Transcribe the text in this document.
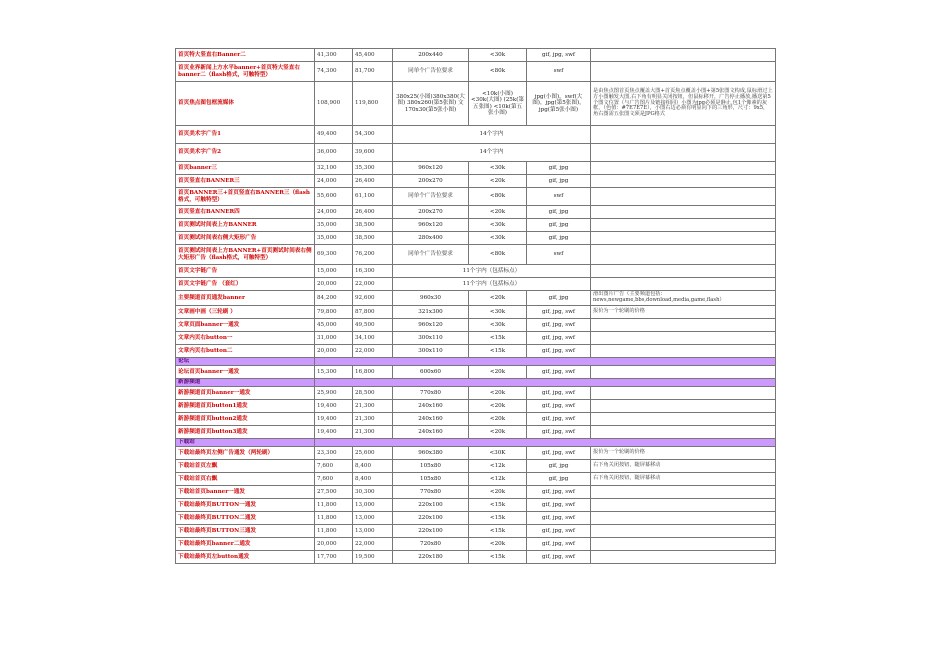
首页特大竖直右Banner二	41,300	45,400	200x440	<30k	gif, jpg, swf	
首页业界新闻上方水平banner+首页特大竖直右banner二（flash格式，可触特型）	74,300	81,700	同单个广告位要求	<80k	swf	
首页焦点图包框流媒体	108,900	119,800	380x25(小图)380x380(大图) 380x260(第5张图) 文170x30(第5张小图)	<10k(小图) <30k(大图) (25k(第五张图) <10k(第五张小图)	jpg(小图)，swf(大图)，jpg(第5张图)，jpg(第5张小图)	是由焦点图首页焦点覆盖大图+首页焦点覆盖小图+第5张图文构成,鼠标滑过上方小图触发大图,右下角有明显关闭按钮，但鼠标移开，广告停止播放,播送第5个图文位置（与广告图片及链接相同）小图为jpg必须是静止,包1个像素的灰框，（色值：#7E7E7E），小图右边必须有明显向下的三角形，尺寸：9x5，角右图需五张图文须是JPG格式
首页美术字广告1	49,400	54,300	14个字内			
首页美术字广告2	36,000	39,600	14个字内			
首页banner三	32,100	35,300	960x120	<30k	gif, jpg	
首页竖直右BANNER三	24,000	26,400	200x270	<20k	gif, jpg	
首页BANNER三+首页竖直右BANNER三（flash格式，可触特型）	55,600	61,100	同单个广告位要求	<80k	swf	
首页竖直右BANNER四	24,000	26,400	200x270	<20k	gif, jpg	
首页测试时间表上方BANNER	35,000	38,500	960x120	<30k	gif, jpg	
首页测试时间表右侧大矩形广告	35,000	38,500	280x400	<30k	gif, jpg	
首页测试时间表上方BANNER+首页测试时间表右侧大矩形广告（flash格式，可触特型）	69,300	76,200	同单个广告位要求	<80k	swf	
首页文字链广告	15,000	16,300	11个字内（包括标点）			
首页文字链广告 （套红）	20,000	22,000	11个字内（包括标点）			
主要频道首页通发banner	84,200	92,600	960x30	<20k	gif, jpg	滑出图片广告（主要频道包括：news,newgame,bbs,download,media,game,flash）
文章画中画（三轮刷 ）	79,800	87,800	321x300	<30k	gif, jpg, swf	报价为一个轮刷的价格
文章页面banner一通发	45,000	49,500	960x120	<30k	gif, jpg, swf	
文章内页右button一	31,000	34,100	300x110	<15k	gif, jpg, swf	
文章内页右button二	20,000	22,000	300x110	<15k	gif, jpg, swf	
论坛						
论坛首页banner一通发	15,300	16,800	600x60	<20k	gif, jpg, swf	
新游频道						
新游频道首页banner一通发	25,900	28,500	770x80	<20k	gif, jpg, swf	
新游频道首页button1通发	19,400	21,300	240x160	<20k	gif, jpg, swf	
新游频道首页button2通发	19,400	21,300	240x160	<20k	gif, jpg, swf	
新游频道首页button3通发	19,400	21,300	240x160	<20k	gif, jpg, swf	
下载站						
下载站最终页左侧广告通发（两轮刷）	23,300	25,600	960x380	<30K	gif, jpg, swf	报价为一个轮刷的价格
下载站首页左飘	7,600	8,400	105x80	<12k	gif, jpg	右下角关闭按钮，随屏幕移动
下载站首页右飘	7,600	8,400	105x80	<12k	gif, jpg	右下角关闭按钮，随屏幕移动
下载站首页banner一通发	27,500	30,300	770x80	<20k	gif, jpg, swf	
下载站最终页BUTTON一通发	11,800	13,000	220x100	<15k	gif, jpg, swf	
下载站最终页BUTTON二通发	11,800	13,000	220x100	<15k	gif, jpg, swf	
下载站最终页BUTTON三通发	11,800	13,000	220x100	<15k	gif, jpg, swf	
下载站最终页banner二通发	20,000	22,000	720x80	<20k	gif, jpg, swf	
下载站最终页左button通发	17,700	19,500	220x180	<15k	gif, jpg, swf	
